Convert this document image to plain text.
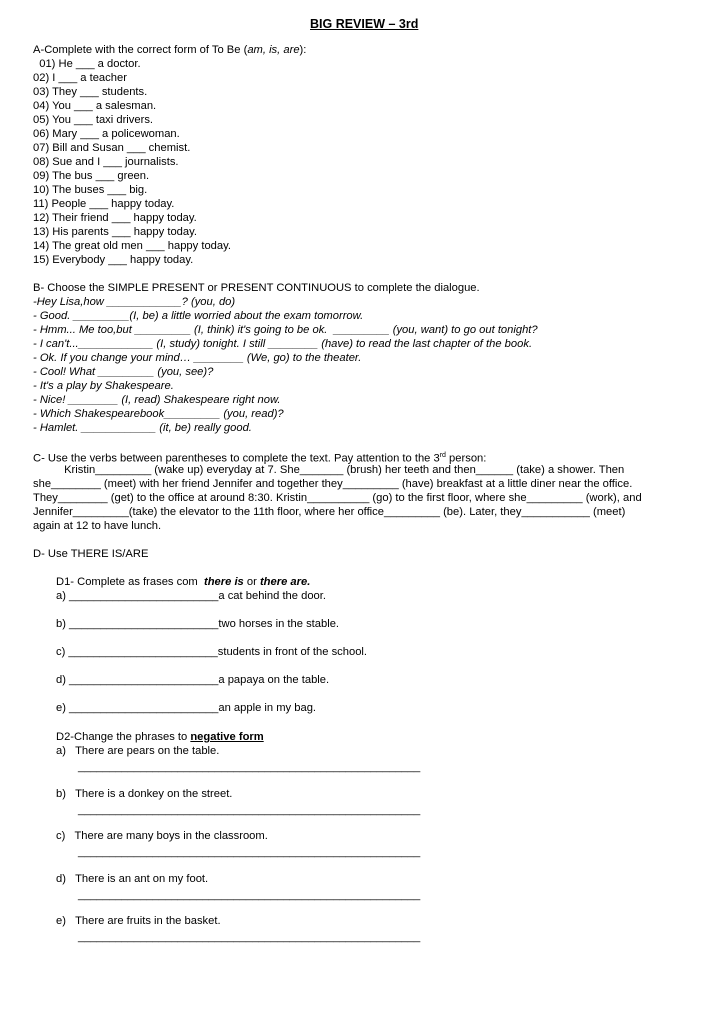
BIG REVIEW – 3rd

A-Complete with the correct form of To Be (am, is, are):

01) He ___ a doctor.

02) I ___ a teacher

03) They ___ students.

04) You ___ a salesman.

05) You ___ taxi drivers.

06) Mary ___ a policewoman.

07) Bill and Susan ___ chemist.

08) Sue and I ___ journalists.

09) The bus ___ green.

10) The buses ___ big.

11) People ___ happy today.

12) Their friend ___ happy today.

13) His parents ___ happy today.

14) The great old men ___ happy today.

15) Everybody ___ happy today.

B- Choose the SIMPLE PRESENT or PRESENT CONTINUOUS to complete the dialogue.

-Hey Lisa,how ____________? (you, do)

- Good. _________(I, be) a little worried about the exam tomorrow.

- Hmm... Me too,but _________ (I, think) it's going to be ok.  _________ (you, want) to go out tonight?

- I can't...____________ (I, study) tonight. I still ________ (have) to read the last chapter of the book.

- Ok. If you change your mind… ________ (We, go) to the theater.

- Cool! What _________ (you, see)?

- It's a play by Shakespeare.

- Nice! ________ (I, read) Shakespeare right now.

- Which Shakespearebook_________ (you, read)?

- Hamlet. ____________ (it, be) really good.

C- Use the verbs between parentheses to complete the text. Pay attention to the 3rd person:

Kristin_________ (wake up) everyday at 7. She_______ (brush) her teeth and then______ (take) a shower. Then

she________ (meet) with her friend Jennifer and together they_________ (have) breakfast at a little diner near the office.

They________ (get) to the office at around 8:30. Kristin__________ (go) to the first floor, where she_________ (work), and

Jennifer_________(take) the elevator to the 11th floor, where her office_________ (be). Later, they___________ (meet)

again at 12 to have lunch.

D- Use THERE IS/ARE

D1- Complete as frases com  there is or there are.

a) ________________________a cat behind the door.

b) ________________________two horses in the stable.

c) ________________________students in front of the school.

d) ________________________a papaya on the table.

e) ________________________an apple in my bag.

D2-Change the phrases to negative form

a)   There are pears on the table.

_______________________________________________________

b)   There is a donkey on the street.

_______________________________________________________

c)   There are many boys in the classroom.

_______________________________________________________

d)   There is an ant on my foot.

_______________________________________________________

e)   There are fruits in the basket.

_______________________________________________________
